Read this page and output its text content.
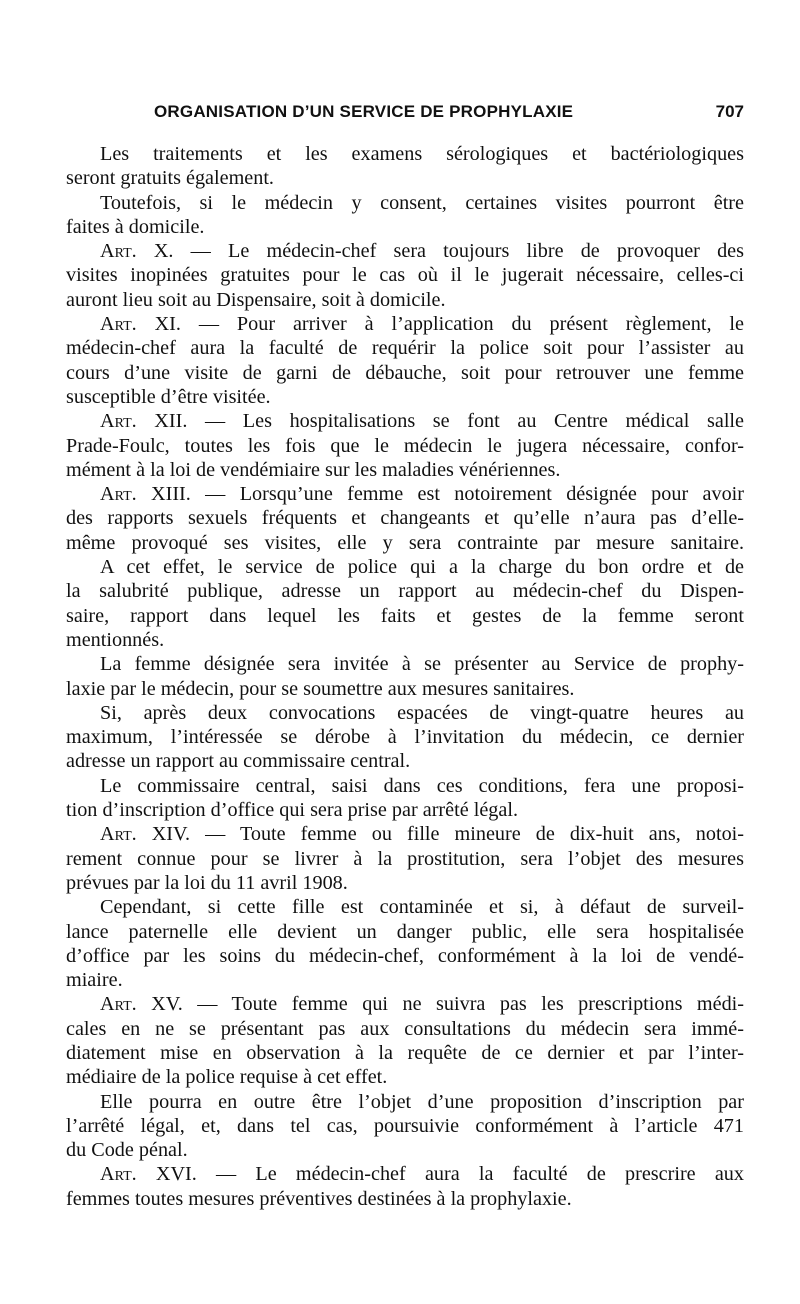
ORGANISATION D’UN SERVICE DE PROPHYLAXIE	707
Les traitements et les examens sérologiques et bactériologiques
seront gratuits également.
Toutefois, si le médecin y consent, certaines visites pourront être
faites à domicile.
Art. X. — Le médecin-chef sera toujours libre de provoquer des
visites inopinées gratuites pour le cas où il le jugerait nécessaire, celles-ci
auront lieu soit au Dispensaire, soit à domicile.
Art. XI. — Pour arriver à l’application du présent règlement, le
médecin-chef aura la faculté de requérir la police soit pour l’assister au
cours d’une visite de garni de débauche, soit pour retrouver une femme
susceptible d’être visitée.
Art. XII. — Les hospitalisations se font au Centre médical salle
Prade-Foulc, toutes les fois que le médecin le jugera nécessaire, confor-
mément à la loi de vendémiaire sur les maladies vénériennes.
Art. XIII. — Lorsqu’une femme est notoirement désignée pour avoir
des rapports sexuels fréquents et changeants et qu’elle n’aura pas d’elle-
même provoqué ses visites, elle y sera contrainte par mesure sanitaire.
A cet effet, le service de police qui a la charge du bon ordre et de
la salubrité publique, adresse un rapport au médecin-chef du Dispen-
saire, rapport dans lequel les faits et gestes de la femme seront
mentionnés.
La femme désignée sera invitée à se présenter au Service de prophy-
laxie par le médecin, pour se soumettre aux mesures sanitaires.
Si, après deux convocations espacées de vingt-quatre heures au
maximum, l’intéressée se dérobe à l’invitation du médecin, ce dernier
adresse un rapport au commissaire central.
Le commissaire central, saisi dans ces conditions, fera une proposi-
tion d’inscription d’office qui sera prise par arrêté légal.
Art. XIV. — Toute femme ou fille mineure de dix-huit ans, notoi-
rement connue pour se livrer à la prostitution, sera l’objet des mesures
prévues par la loi du 11 avril 1908.
Cependant, si cette fille est contaminée et si, à défaut de surveil-
lance paternelle elle devient un danger public, elle sera hospitalisée
d’office par les soins du médecin-chef, conformément à la loi de vendé-
miaire.
Art. XV. — Toute femme qui ne suivra pas les prescriptions médi-
cales en ne se présentant pas aux consultations du médecin sera immé-
diatement mise en observation à la requête de ce dernier et par l’inter-
médiaire de la police requise à cet effet.
Elle pourra en outre être l’objet d’une proposition d’inscription par
l’arrêté légal, et, dans tel cas, poursuivie conformément à l’article 471
du Code pénal.
Art. XVI. — Le médecin-chef aura la faculté de prescrire aux
femmes toutes mesures préventives destinées à la prophylaxie.
